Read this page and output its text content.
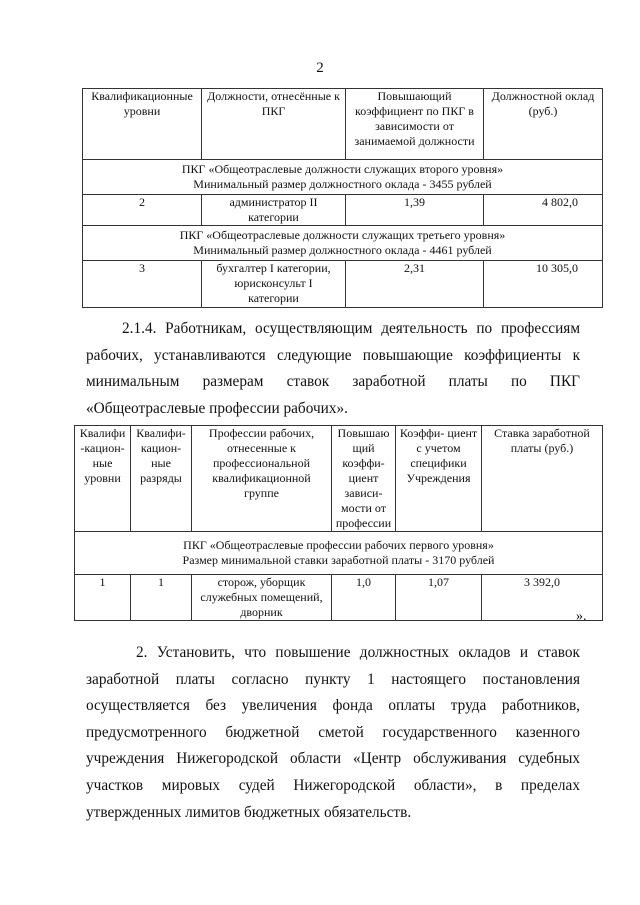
2
Квалификационные уровни	Должности, отнесённые к ПКГ	Повышающий коэффициент по ПКГ в зависимости от занимаемой должности	Должностной оклад (руб.)

ПКГ «Общеотраслевые должности служащих второго уровня»
Минимальный размер должностного оклада - 3455 рублей			

2	администратор II категории	1,39	4 802,0

ПКГ «Общеотраслевые должности служащих третьего уровня»
Минимальный размер должностного оклада - 4461 рублей			

3	бухгалтер I категории, юрисконсульт I категории	2,31	10 305,0
2.1.4. Работникам, осуществляющим деятельность по профессиям рабочих, устанавливаются следующие повышающие коэффициенты к минимальным размерам ставок заработной платы по ПКГ «Общеотраслевые профессии рабочих».
Квалифи -кацион- ные уровни	Квалифи- кацион- ные разряды	Профессии рабочих, отнесенные к профессиональной квалификационной группе	Повышаю щий коэффи- циент зависи- мости от профессии	Коэффи- циент с учетом специфики Учреждения	Ставка заработной платы (руб.)

ПКГ «Общеотраслевые профессии рабочих первого уровня»
Размер минимальной ставки заработной платы - 3170 рублей					

1	1	сторож, уборщик служебных помещений, дворник	1,0	1,07	3 392,0
».
2. Установить, что повышение должностных окладов и ставок заработной платы согласно пункту 1 настоящего постановления осуществляется без увеличения фонда оплаты труда работников, предусмотренного бюджетной сметой государственного казенного учреждения Нижегородской области «Центр обслуживания судебных участков мировых судей Нижегородской области», в пределах утвержденных лимитов бюджетных обязательств.
